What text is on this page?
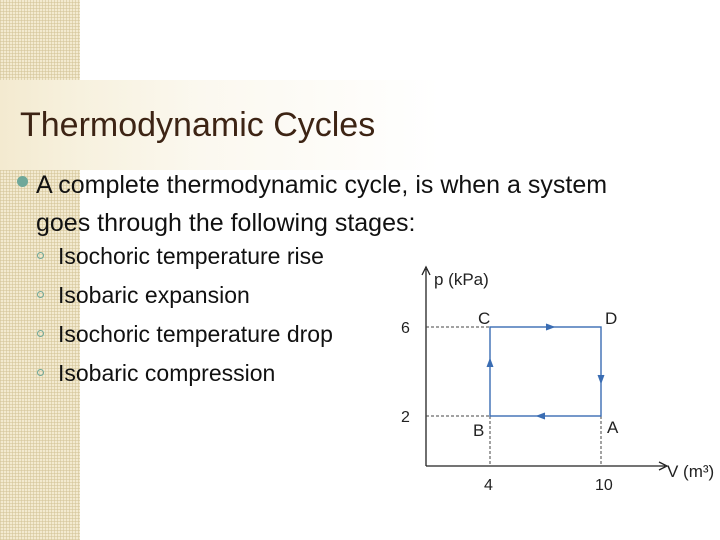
Thermodynamic Cycles
A complete thermodynamic cycle, is when a system goes through the following stages:
Isochoric temperature rise
Isobaric expansion
Isochoric temperature drop
Isobaric compression
p (kPa)
V (m³)
6
2
4	10
C	D
B	A
